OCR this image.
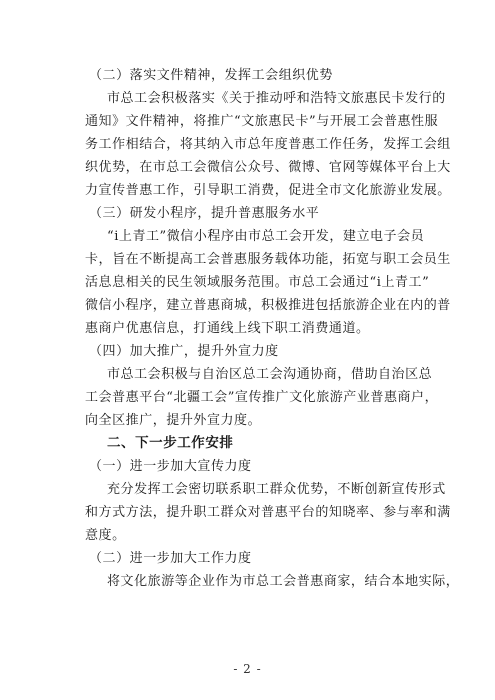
（二）落实文件精神，发挥工会组织优势
市总工会积极落实《关于推动呼和浩特文旅惠民卡发行的
通知》文件精神，将推广“文旅惠民卡”与开展工会普惠性服
务工作相结合，将其纳入市总年度普惠工作任务，发挥工会组
织优势，在市总工会微信公众号、微博、官网等媒体平台上大
力宣传普惠工作，引导职工消费，促进全市文化旅游业发展。
（三）研发小程序，提升普惠服务水平
“i上青工”微信小程序由市总工会开发，建立电子会员
卡，旨在不断提高工会普惠服务载体功能，拓宽与职工会员生
活息息相关的民生领域服务范围。市总工会通过“i上青工”
微信小程序，建立普惠商城，积极推进包括旅游企业在内的普
惠商户优惠信息，打通线上线下职工消费通道。
（四）加大推广，提升外宣力度
市总工会积极与自治区总工会沟通协商，借助自治区总
工会普惠平台“北疆工会”宣传推广文化旅游产业普惠商户，
向全区推广，提升外宣力度。
二、下一步工作安排
（一）进一步加大宣传力度
充分发挥工会密切联系职工群众优势，不断创新宣传形式
和方式方法，提升职工群众对普惠平台的知晓率、参与率和满
意度。
（二）进一步加大工作力度
将文化旅游等企业作为市总工会普惠商家，结合本地实际，
- 2 -
